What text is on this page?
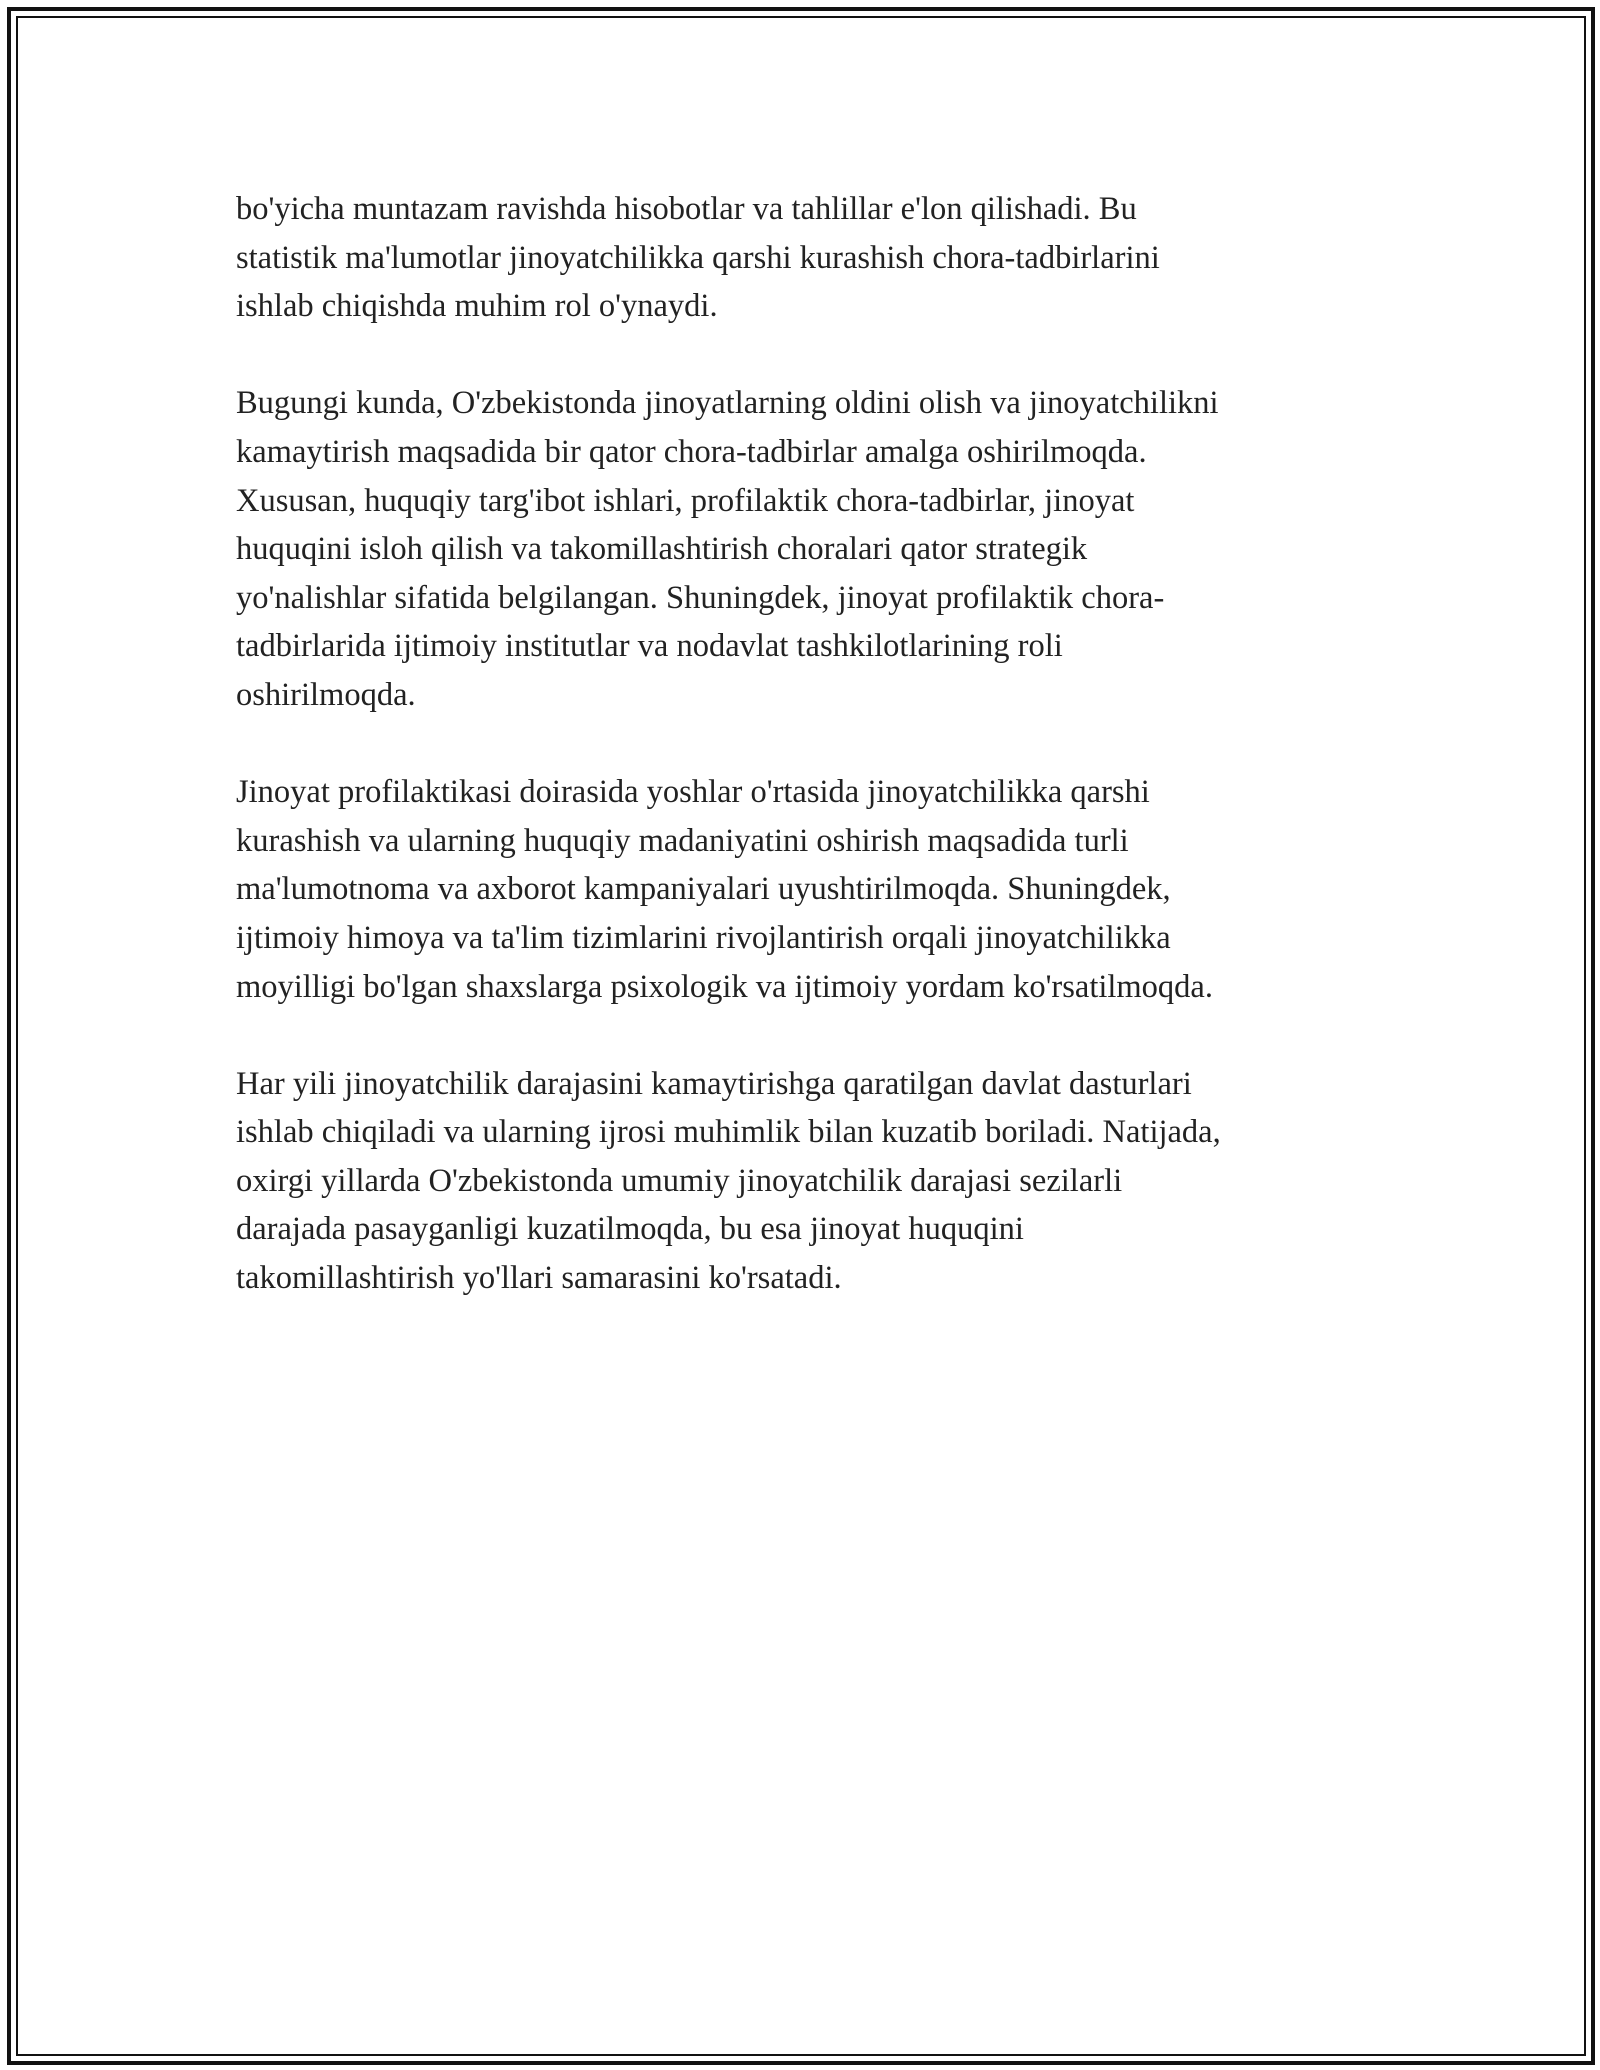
bo'yicha muntazam ravishda hisobotlar va tahlillar e'lon qilishadi. Bu
statistik ma'lumotlar jinoyatchilikka qarshi kurashish chora-tadbirlarini
ishlab chiqishda muhim rol o'ynaydi.

Bugungi kunda, O'zbekistonda jinoyatlarning oldini olish va jinoyatchilikni
kamaytirish maqsadida bir qator chora-tadbirlar amalga oshirilmoqda.
Xususan, huquqiy targ'ibot ishlari, profilaktik chora-tadbirlar, jinoyat
huquqini isloh qilish va takomillashtirish choralari qator strategik
yo'nalishlar sifatida belgilangan. Shuningdek, jinoyat profilaktik chora-
tadbirlarida ijtimoiy institutlar va nodavlat tashkilotlarining roli
oshirilmoqda.

Jinoyat profilaktikasi doirasida yoshlar o'rtasida jinoyatchilikka qarshi
kurashish va ularning huquqiy madaniyatini oshirish maqsadida turli
ma'lumotnoma va axborot kampaniyalari uyushtirilmoqda. Shuningdek,
ijtimoiy himoya va ta'lim tizimlarini rivojlantirish orqali jinoyatchilikka
moyilligi bo'lgan shaxslarga psixologik va ijtimoiy yordam ko'rsatilmoqda.

Har yili jinoyatchilik darajasini kamaytirishga qaratilgan davlat dasturlari
ishlab chiqiladi va ularning ijrosi muhimlik bilan kuzatib boriladi. Natijada,
oxirgi yillarda O'zbekistonda umumiy jinoyatchilik darajasi sezilarli
darajada pasayganligi kuzatilmoqda, bu esa jinoyat huquqini
takomillashtirish yo'llari samarasini ko'rsatadi.
